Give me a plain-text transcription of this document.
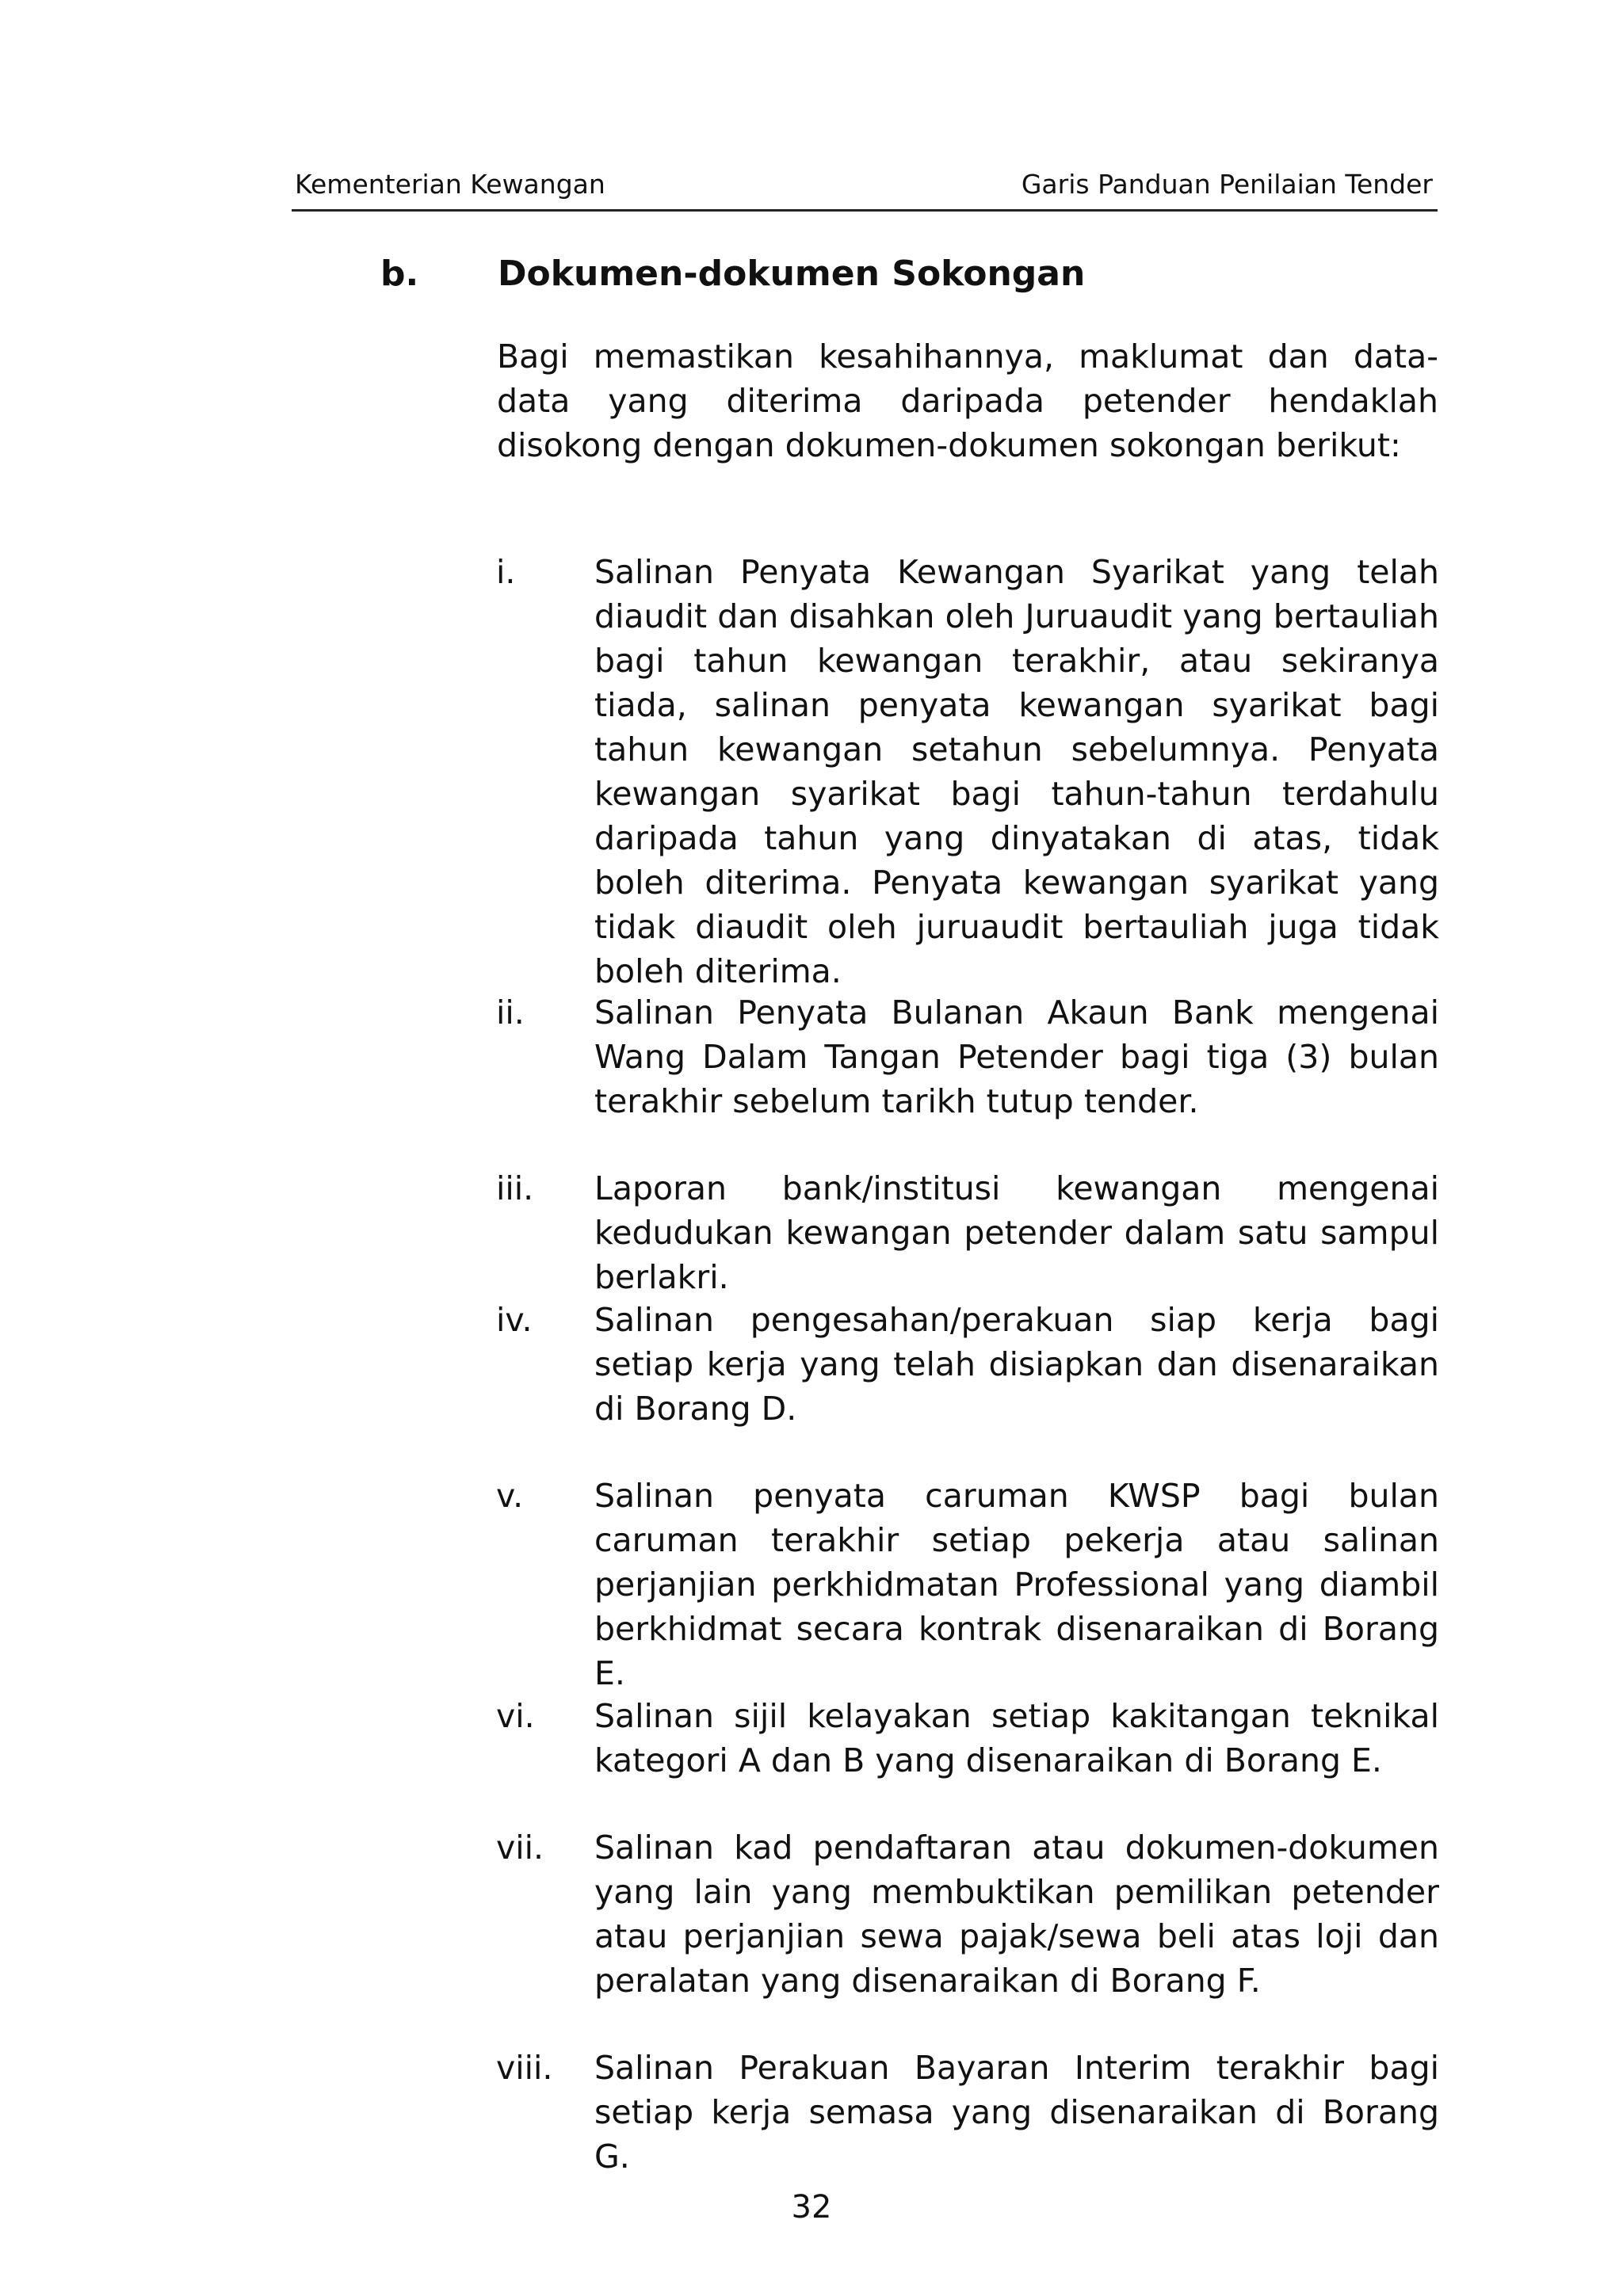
Kementerian Kewangan	Garis Panduan Penilaian Tender
b. Dokumen-dokumen Sokongan
Bagi memastikan kesahihannya, maklumat dan data-data yang diterima daripada petender hendaklah disokong dengan dokumen-dokumen sokongan berikut:
i. Salinan Penyata Kewangan Syarikat yang telah diaudit dan disahkan oleh Juruaudit yang bertauliah bagi tahun kewangan terakhir, atau sekiranya tiada, salinan penyata kewangan syarikat bagi tahun kewangan setahun sebelumnya. Penyata kewangan syarikat bagi tahun-tahun terdahulu daripada tahun yang dinyatakan di atas, tidak boleh diterima. Penyata kewangan syarikat yang tidak diaudit oleh juruaudit bertauliah juga tidak boleh diterima.
ii. Salinan Penyata Bulanan Akaun Bank mengenai Wang Dalam Tangan Petender bagi tiga (3) bulan terakhir sebelum tarikh tutup tender.
iii. Laporan bank/institusi kewangan mengenai kedudukan kewangan petender dalam satu sampul berlakri.
iv. Salinan pengesahan/perakuan siap kerja bagi setiap kerja yang telah disiapkan dan disenaraikan di Borang D.
v. Salinan penyata caruman KWSP bagi bulan caruman terakhir setiap pekerja atau salinan perjanjian perkhidmatan Professional yang diambil berkhidmat secara kontrak disenaraikan di Borang E.
vi. Salinan sijil kelayakan setiap kakitangan teknikal kategori A dan B yang disenaraikan di Borang E.
vii. Salinan kad pendaftaran atau dokumen-dokumen yang lain yang membuktikan pemilikan petender atau perjanjian sewa pajak/sewa beli atas loji dan peralatan yang disenaraikan di Borang F.
viii. Salinan Perakuan Bayaran Interim terakhir bagi setiap kerja semasa yang disenaraikan di Borang G.
32
